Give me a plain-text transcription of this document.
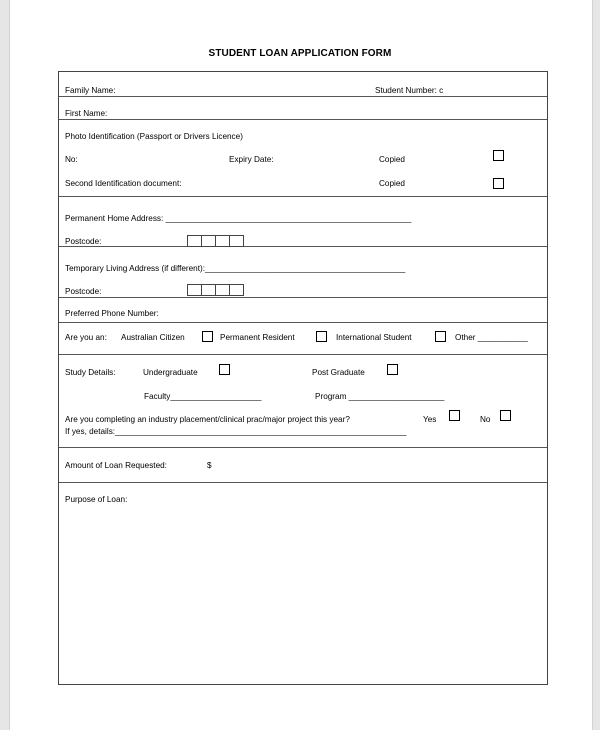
STUDENT LOAN APPLICATION FORM
Family Name:	Student Number: c
First Name:
Photo Identification (Passport or Drivers Licence)
No:	Expiry Date:	Copied
Second Identification document:	Copied
Permanent Home Address: ______________________________________________________
Postcode:
Temporary Living Address (if different):____________________________________________
Postcode:
Preferred Phone Number:
Are you an: Australian Citizen	Permanent Resident	International Student	Other ___________
Study Details:	Undergraduate	Post Graduate
Faculty____________________	Program _____________________
Are you completing an industry placement/clinical prac/major project this year?	Yes	No
If yes, details:________________________________________________________________
Amount of Loan Requested:	$
Purpose of Loan:
